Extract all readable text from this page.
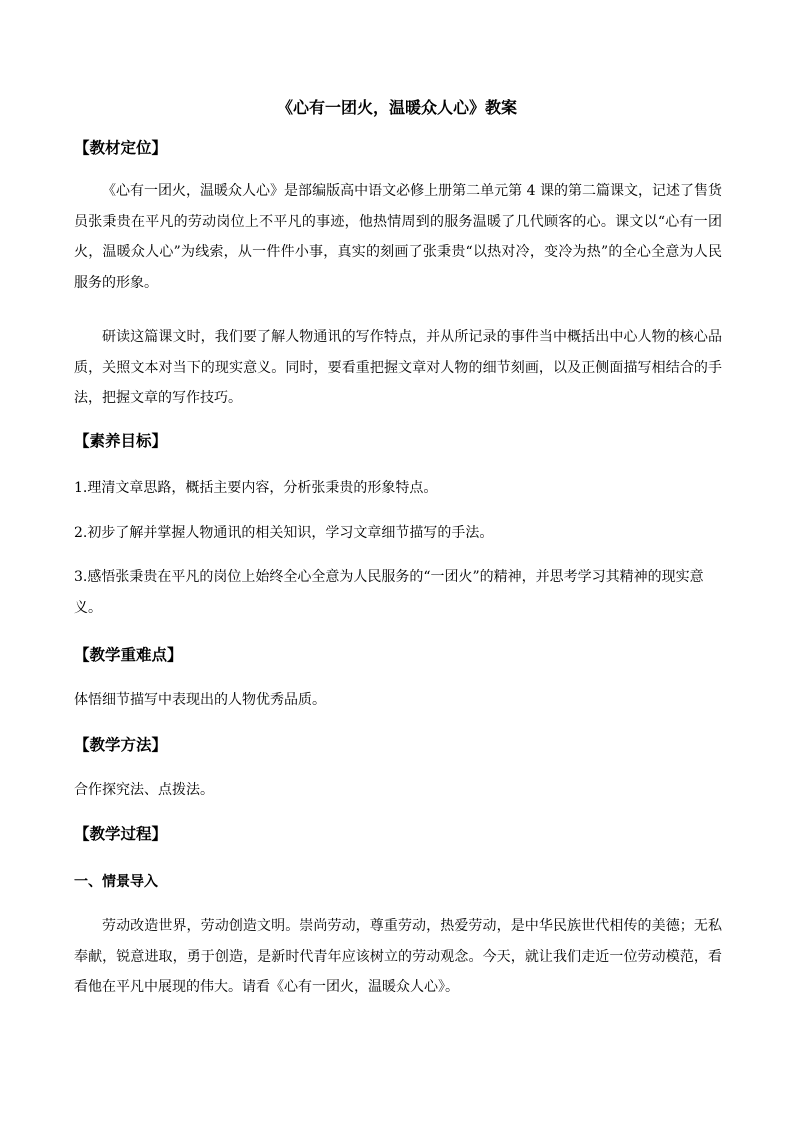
《心有一团火，温暖众人心》教案
【教材定位】
《心有一团火，温暖众人心》是部编版高中语文必修上册第二单元第 4 课的第二篇课文，记述了售货员张秉贵在平凡的劳动岗位上不平凡的事迹，他热情周到的服务温暖了几代顾客的心。课文以“心有一团火，温暖众人心”为线索，从一件件小事，真实的刻画了张秉贵“以热对冷，变冷为热”的全心全意为人民服务的形象。
研读这篇课文时，我们要了解人物通讯的写作特点，并从所记录的事件当中概括出中心人物的核心品质，关照文本对当下的现实意义。同时，要看重把握文章对人物的细节刻画，以及正侧面描写相结合的手法，把握文章的写作技巧。
【素养目标】
1.理清文章思路，概括主要内容，分析张秉贵的形象特点。
2.初步了解并掌握人物通讯的相关知识，学习文章细节描写的手法。
3.感悟张秉贵在平凡的岗位上始终全心全意为人民服务的“一团火”的精神，并思考学习其精神的现实意义。
【教学重难点】
体悟细节描写中表现出的人物优秀品质。
【教学方法】
合作探究法、点拨法。
【教学过程】
一、情景导入
劳动改造世界，劳动创造文明。崇尚劳动，尊重劳动，热爱劳动，是中华民族世代相传的美德；无私奉献，锐意进取，勇于创造，是新时代青年应该树立的劳动观念。今天，就让我们走近一位劳动模范，看看他在平凡中展现的伟大。请看《心有一团火，温暖众人心》。
